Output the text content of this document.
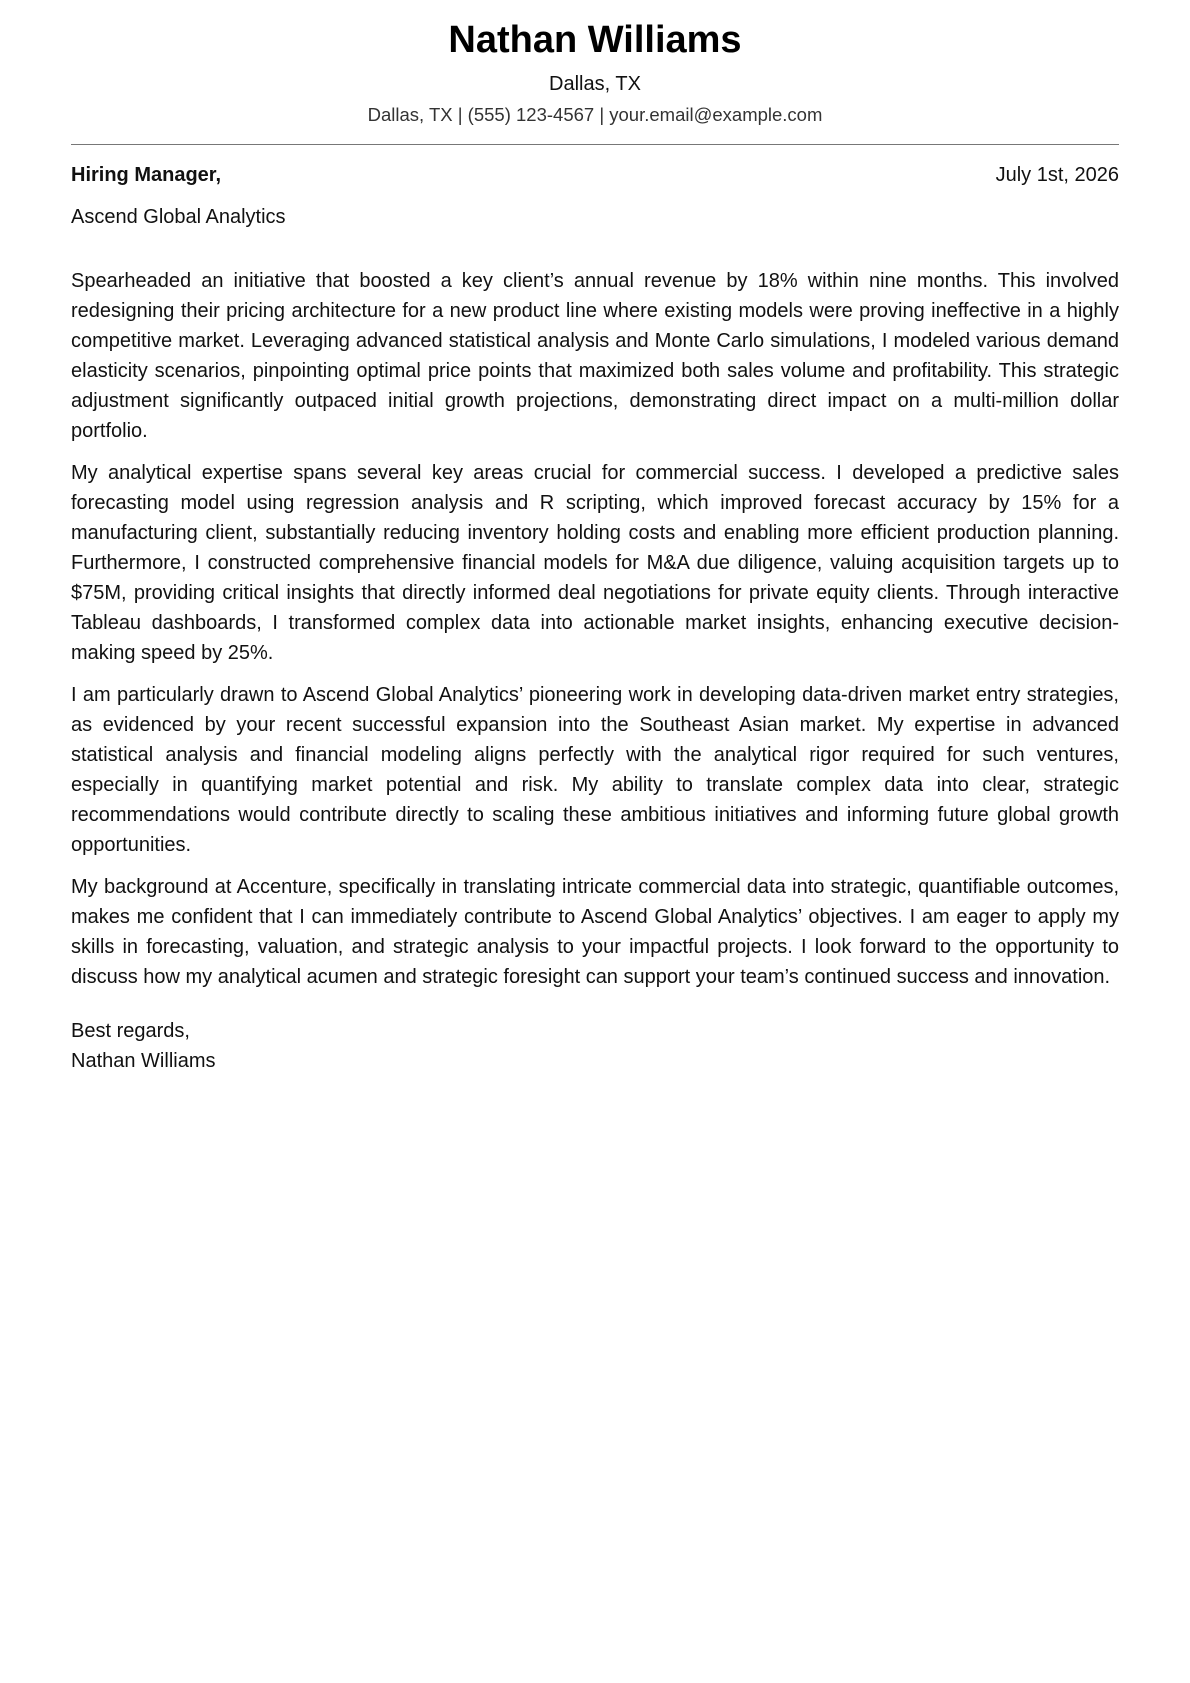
Nathan Williams
Dallas, TX
Dallas, TX | (555) 123-4567 | your.email@example.com
Hiring Manager,	July 1st, 2026
Ascend Global Analytics

Spearheaded an initiative that boosted a key client’s annual revenue by 18% within nine months. This involved redesigning their pricing architecture for a new product line where existing models were proving ineffective in a highly competitive market. Leveraging advanced statistical analysis and Monte Carlo simulations, I modeled various demand elasticity scenarios, pinpointing optimal price points that maximized both sales volume and profitability. This strategic adjustment significantly outpaced initial growth projections, demonstrating direct impact on a multi-million dollar portfolio.

My analytical expertise spans several key areas crucial for commercial success. I developed a predictive sales forecasting model using regression analysis and R scripting, which improved forecast accuracy by 15% for a manufacturing client, substantially reducing inventory holding costs and enabling more efficient production planning. Furthermore, I constructed comprehensive financial models for M&A due diligence, valuing acquisition targets up to $75M, providing critical insights that directly informed deal negotiations for private equity clients. Through interactive Tableau dashboards, I transformed complex data into actionable market insights, enhancing executive decision-making speed by 25%.

I am particularly drawn to Ascend Global Analytics’ pioneering work in developing data-driven market entry strategies, as evidenced by your recent successful expansion into the Southeast Asian market. My expertise in advanced statistical analysis and financial modeling aligns perfectly with the analytical rigor required for such ventures, especially in quantifying market potential and risk. My ability to translate complex data into clear, strategic recommendations would contribute directly to scaling these ambitious initiatives and informing future global growth opportunities.

My background at Accenture, specifically in translating intricate commercial data into strategic, quantifiable outcomes, makes me confident that I can immediately contribute to Ascend Global Analytics’ objectives. I am eager to apply my skills in forecasting, valuation, and strategic analysis to your impactful projects. I look forward to the opportunity to discuss how my analytical acumen and strategic foresight can support your team’s continued success and innovation.

Best regards,
Nathan Williams
